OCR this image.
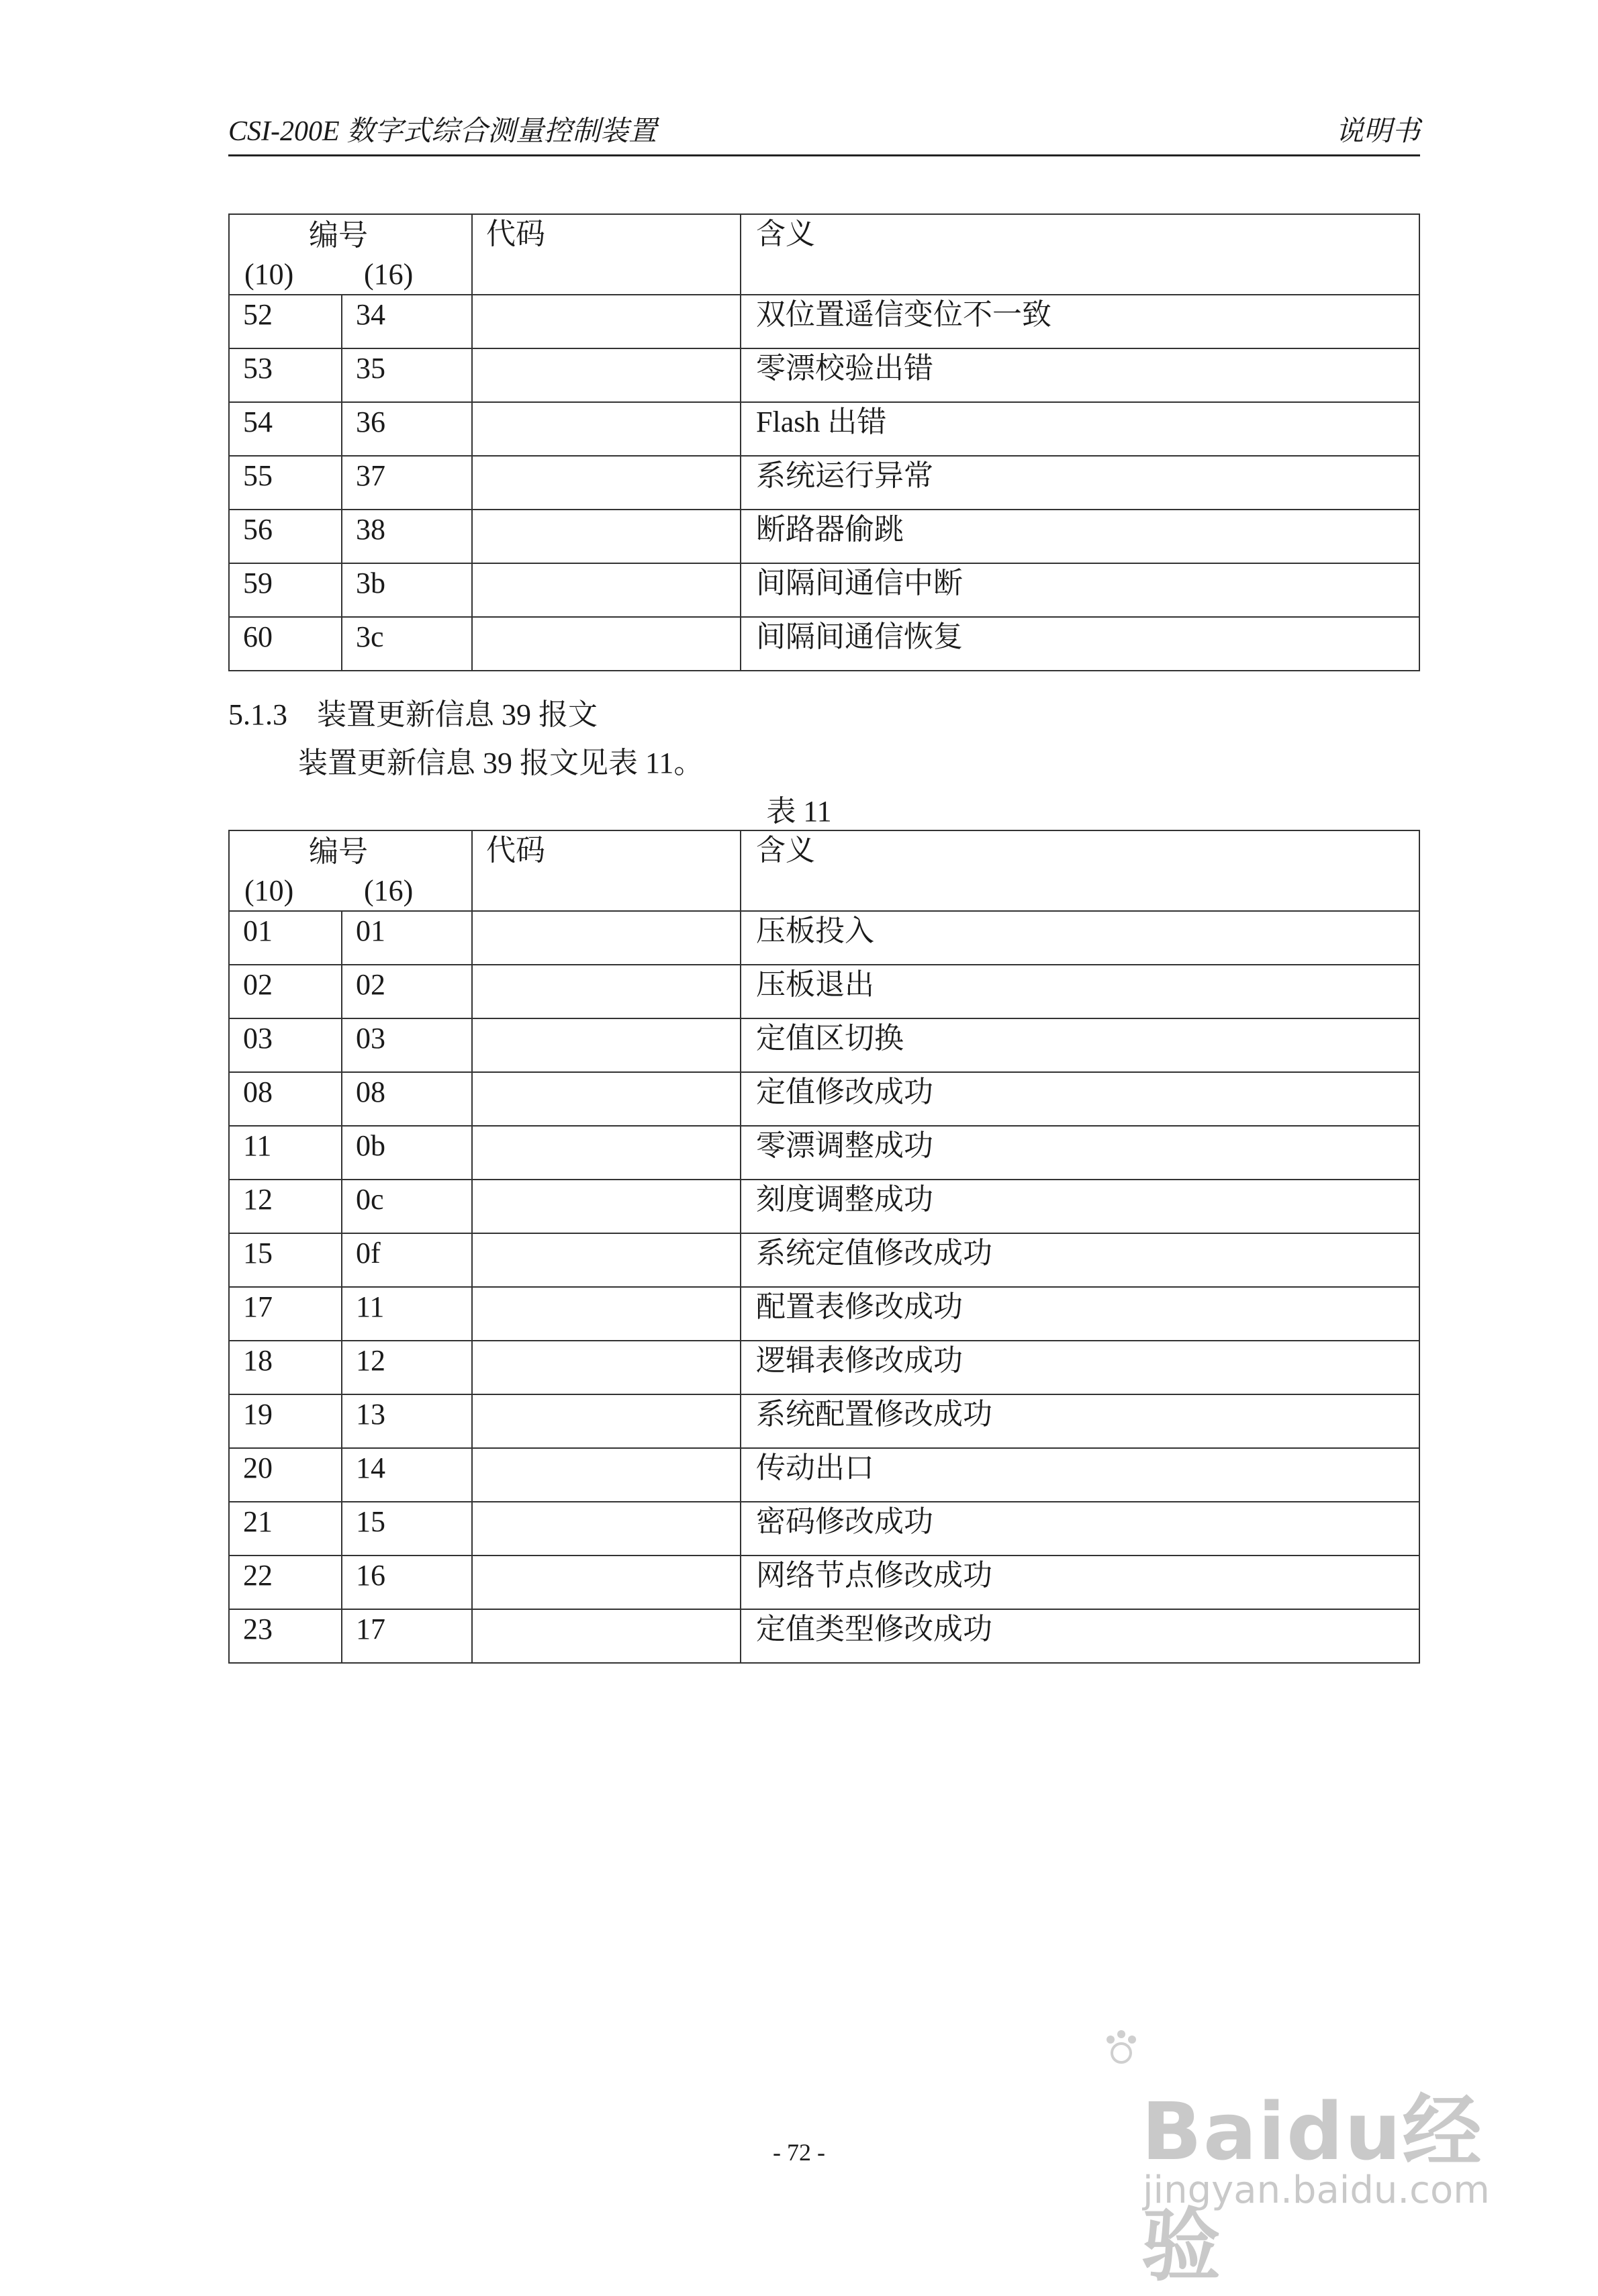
CSI-200E 数字式综合测量控制装置	说明书
编号
(10) (16)		代码	含义
52	34		双位置遥信变位不一致
53	35		零漂校验出错
54	36		Flash 出错
55	37		系统运行异常
56	38		断路器偷跳
59	3b		间隔间通信中断
60	3c		间隔间通信恢复
5.1.3　装置更新信息 39 报文
装置更新信息 39 报文见表 11。
表 11
编号
(10) (16)		代码	含义
01	01		压板投入
02	02		压板退出
03	03		定值区切换
08	08		定值修改成功
11	0b		零漂调整成功
12	0c		刻度调整成功
15	0f		系统定值修改成功
17	11		配置表修改成功
18	12		逻辑表修改成功
19	13		系统配置修改成功
20	14		传动出口
21	15		密码修改成功
22	16		网络节点修改成功
23	17		定值类型修改成功
- 72 -	Baidu经验
jingyan.baidu.com
